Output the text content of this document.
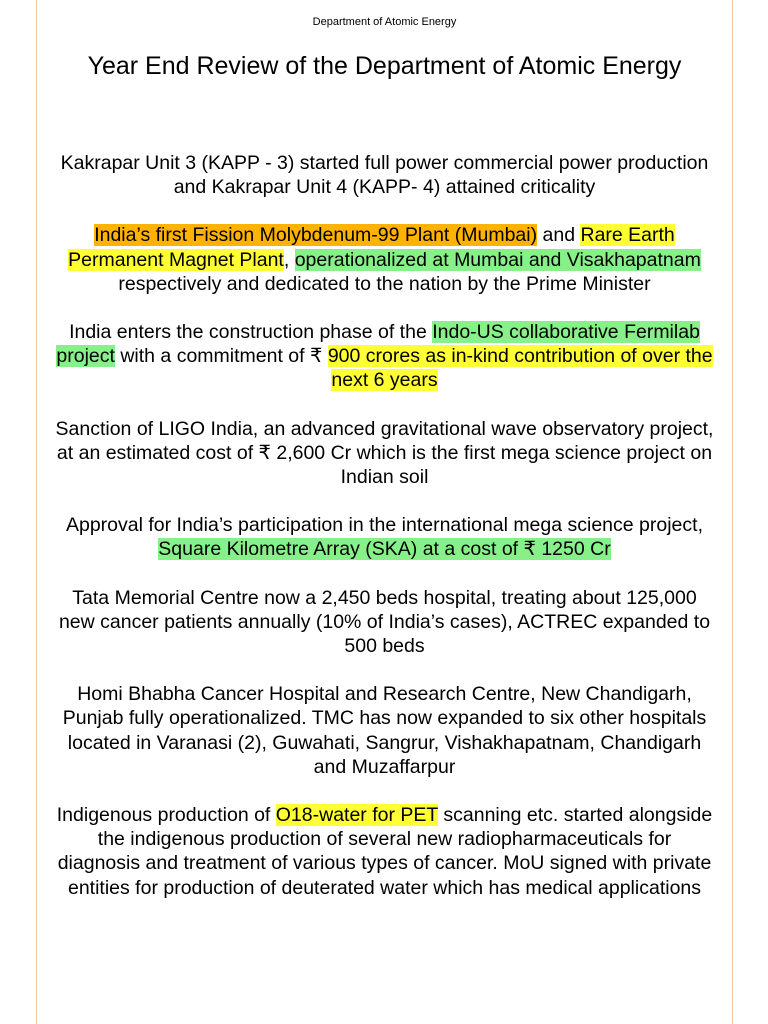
Department of Atomic Energy
Year End Review of the Department of Atomic Energy

Kakrapar Unit 3 (KAPP - 3) started full power commercial power production and Kakrapar Unit 4 (KAPP- 4) attained criticality

India’s first Fission Molybdenum-99 Plant (Mumbai) and Rare Earth Permanent Magnet Plant, operationalized at Mumbai and Visakhapatnam respectively and dedicated to the nation by the Prime Minister

India enters the construction phase of the Indo-US collaborative Fermilab project with a commitment of ₹ 900 crores as in-kind contribution of over the next 6 years

Sanction of LIGO India, an advanced gravitational wave observatory project, at an estimated cost of ₹ 2,600 Cr which is the first mega science project on Indian soil

Approval for India’s participation in the international mega science project, Square Kilometre Array (SKA) at a cost of ₹ 1250 Cr

Tata Memorial Centre now a 2,450 beds hospital, treating about 125,000 new cancer patients annually (10% of India’s cases), ACTREC expanded to 500 beds

Homi Bhabha Cancer Hospital and Research Centre, New Chandigarh, Punjab fully operationalized. TMC has now expanded to six other hospitals located in Varanasi (2), Guwahati, Sangrur, Vishakhapatnam, Chandigarh and Muzaffarpur

Indigenous production of O18-water for PET scanning etc. started alongside the indigenous production of several new radiopharmaceuticals for diagnosis and treatment of various types of cancer. MoU signed with private entities for production of deuterated water which has medical applications
